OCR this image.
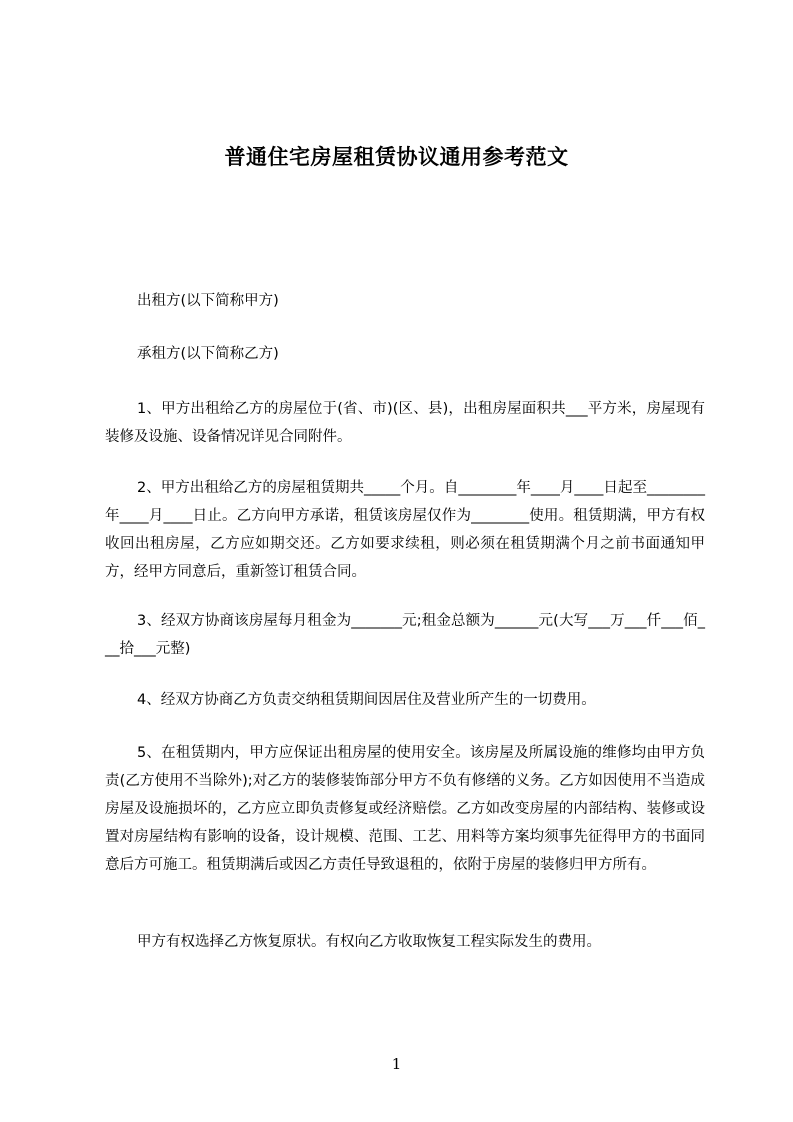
普通住宅房屋租赁协议通用参考范文

出租方(以下简称甲方)

承租方(以下简称乙方)

1、甲方出租给乙方的房屋位于(省、市)(区、县)，出租房屋面积共___平方米，房屋现有装修及设施、设备情况详见合同附件。

2、甲方出租给乙方的房屋租赁期共_____个月。自________年____月____日起至________年____月____日止。乙方向甲方承诺，租赁该房屋仅作为________使用。租赁期满，甲方有权收回出租房屋，乙方应如期交还。乙方如要求续租，则必须在租赁期满个月之前书面通知甲方，经甲方同意后，重新签订租赁合同。

3、经双方协商该房屋每月租金为_______元;租金总额为______元(大写___万___仟___佰___拾___元整)

4、经双方协商乙方负责交纳租赁期间因居住及营业所产生的一切费用。

5、在租赁期内，甲方应保证出租房屋的使用安全。该房屋及所属设施的维修均由甲方负责(乙方使用不当除外);对乙方的装修装饰部分甲方不负有修缮的义务。乙方如因使用不当造成房屋及设施损坏的，乙方应立即负责修复或经济赔偿。乙方如改变房屋的内部结构、装修或设置对房屋结构有影响的设备，设计规模、范围、工艺、用料等方案均须事先征得甲方的书面同意后方可施工。租赁期满后或因乙方责任导致退租的，依附于房屋的装修归甲方所有。

甲方有权选择乙方恢复原状。有权向乙方收取恢复工程实际发生的费用。

1
